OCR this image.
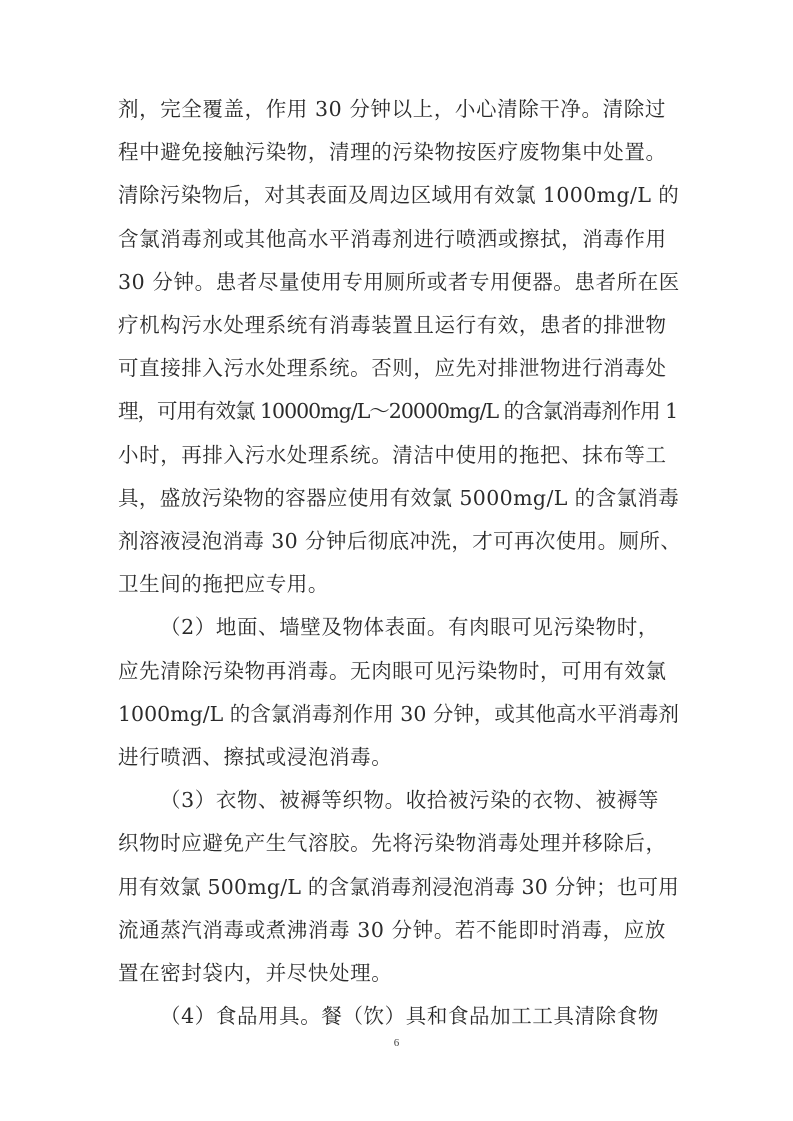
剂，完全覆盖，作用 30 分钟以上，小心清除干净。清除过
程中避免接触污染物，清理的污染物按医疗废物集中处置。
清除污染物后，对其表面及周边区域用有效氯 1000mg/L 的
含氯消毒剂或其他高水平消毒剂进行喷洒或擦拭，消毒作用
30 分钟。患者尽量使用专用厕所或者专用便器。患者所在医
疗机构污水处理系统有消毒装置且运行有效，患者的排泄物
可直接排入污水处理系统。否则，应先对排泄物进行消毒处
理，可用有效氯 10000mg/L～20000mg/L 的含氯消毒剂作用 1
小时，再排入污水处理系统。清洁中使用的拖把、抹布等工
具，盛放污染物的容器应使用有效氯 5000mg/L 的含氯消毒
剂溶液浸泡消毒 30 分钟后彻底冲洗，才可再次使用。厕所、
卫生间的拖把应专用。
（2）地面、墙壁及物体表面。有肉眼可见污染物时，
应先清除污染物再消毒。无肉眼可见污染物时，可用有效氯
1000mg/L 的含氯消毒剂作用 30 分钟，或其他高水平消毒剂
进行喷洒、擦拭或浸泡消毒。
（3）衣物、被褥等织物。收拾被污染的衣物、被褥等
织物时应避免产生气溶胶。先将污染物消毒处理并移除后，
用有效氯 500mg/L 的含氯消毒剂浸泡消毒 30 分钟；也可用
流通蒸汽消毒或煮沸消毒 30 分钟。若不能即时消毒，应放
置在密封袋内，并尽快处理。
（4）食品用具。餐（饮）具和食品加工工具清除食物
6
